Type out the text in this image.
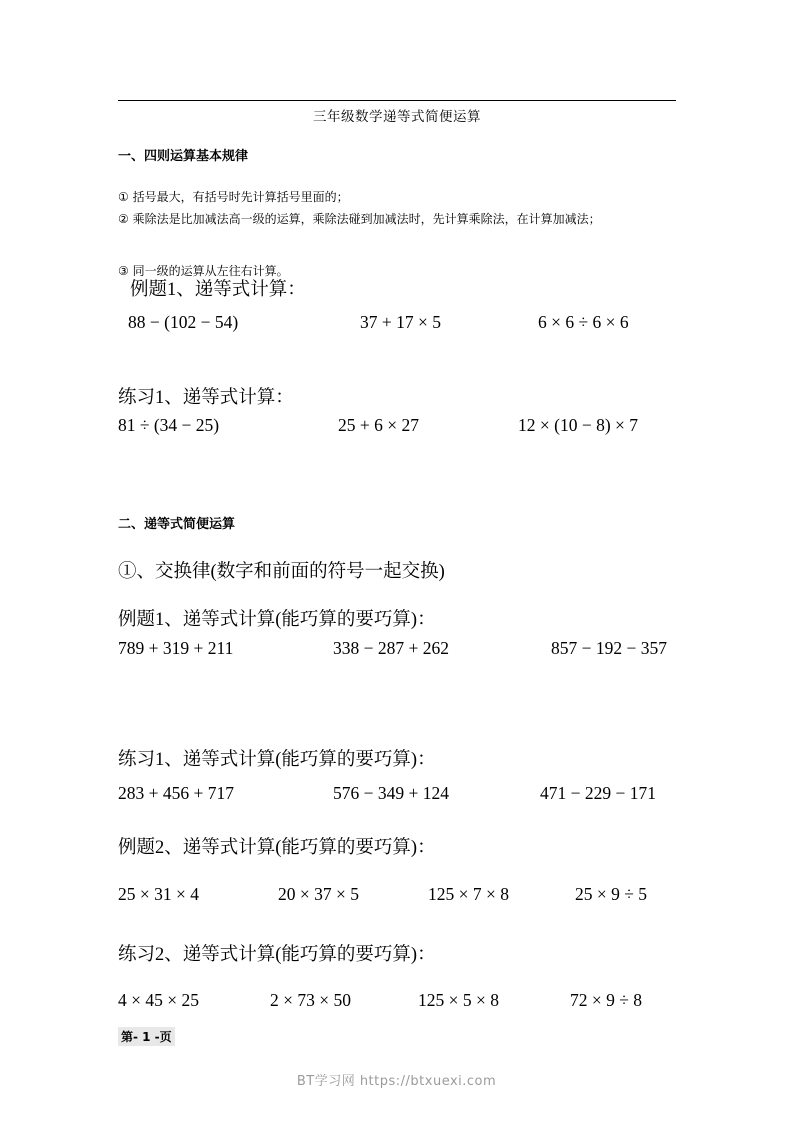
三年级数学递等式简便运算
一、四则运算基本规律
① 括号最大，有括号时先计算括号里面的；
② 乘除法是比加减法高一级的运算，乘除法碰到加减法时，先计算乘除法，在计算加减法；
③ 同一级的运算从左往右计算。
例题1、递等式计算：
88 − (102 − 54)	37 + 17 × 5	6 × 6 ÷ 6 × 6
练习1、递等式计算：
81 ÷ (34 − 25)	25 + 6 × 27	12 × (10 − 8) × 7
二、递等式简便运算
①、交换律(数字和前面的符号一起交换)
例题1、递等式计算(能巧算的要巧算)：
789 + 319 + 211	338 − 287 + 262	857 − 192 − 357
练习1、递等式计算(能巧算的要巧算)：
283 + 456 + 717	576 − 349 + 124	471 − 229 − 171
例题2、递等式计算(能巧算的要巧算)：
25 × 31 × 4	20 × 37 × 5	125 × 7 × 8	25 × 9 ÷ 5
练习2、递等式计算(能巧算的要巧算)：
4 × 45 × 25	2 × 73 × 50	125 × 5 × 8	72 × 9 ÷ 8
第- 1 -页
BT学习网 https://btxuexi.com
